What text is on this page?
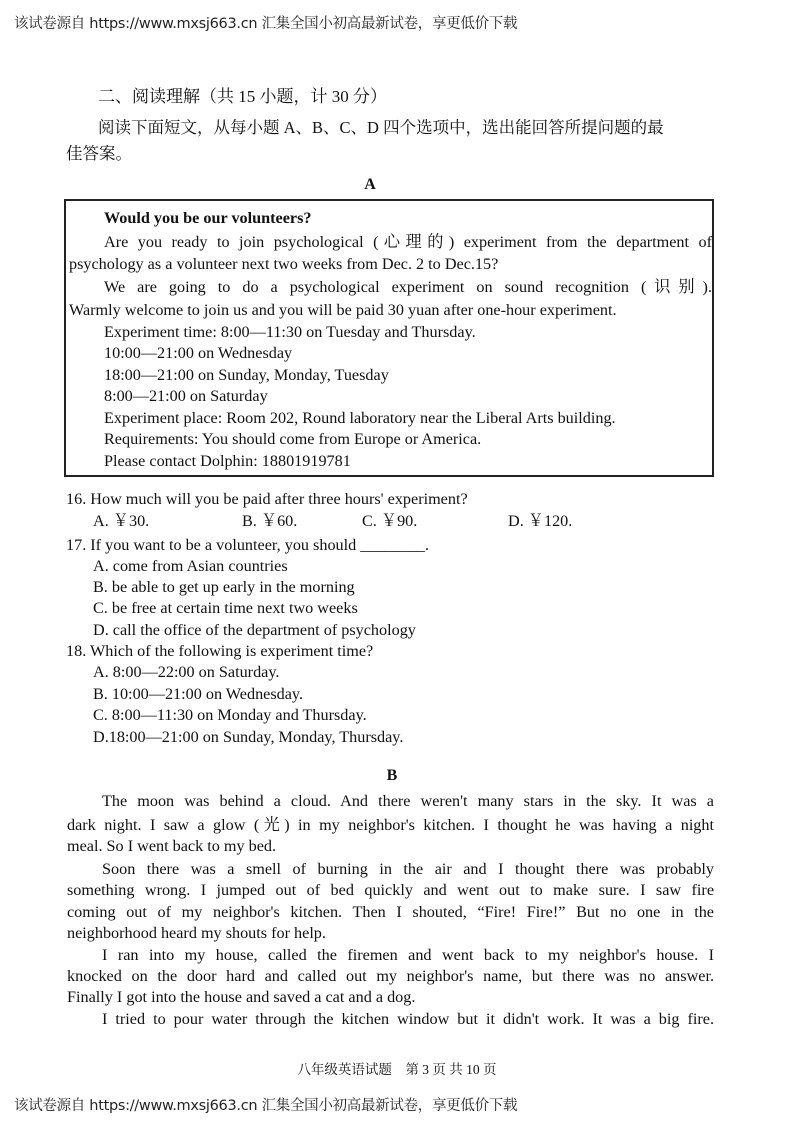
该试卷源自 https://www.mxsj663.cn 汇集全国小初高最新试卷，享更低价下载
二、阅读理解（共 15 小题，计 30 分）
阅读下面短文，从每小题 A、B、C、D 四个选项中，选出能回答所提问题的最
佳答案。
A
Would you be our volunteers?
Are you ready to join psychological (心理的) experiment from the department of
psychology as a volunteer next two weeks from Dec. 2 to Dec.15?
We are going to do a psychological experiment on sound recognition (识别).
Warmly welcome to join us and you will be paid 30 yuan after one-hour experiment.
Experiment time: 8:00—11:30 on Tuesday and Thursday.
10:00—21:00 on Wednesday
18:00—21:00 on Sunday, Monday, Tuesday
8:00—21:00 on Saturday
Experiment place: Room 202, Round laboratory near the Liberal Arts building.
Requirements: You should come from Europe or America.
Please contact Dolphin: 18801919781
16. How much will you be paid after three hours' experiment?
A. ￥30.	B. ￥60.	C. ￥90.	D. ￥120.
17. If you want to be a volunteer, you should ________.
A. come from Asian countries
B. be able to get up early in the morning
C. be free at certain time next two weeks
D. call the office of the department of psychology
18. Which of the following is experiment time?
A. 8:00—22:00 on Saturday.
B. 10:00—21:00 on Wednesday.
C. 8:00—11:30 on Monday and Thursday.
D.18:00—21:00 on Sunday, Monday, Thursday.
B
The moon was behind a cloud. And there weren't many stars in the sky. It was a
dark night. I saw a glow (光) in my neighbor's kitchen. I thought he was having a night
meal. So I went back to my bed.
Soon there was a smell of burning in the air and I thought there was probably
something wrong. I jumped out of bed quickly and went out to make sure. I saw fire
coming out of my neighbor's kitchen. Then I shouted, “Fire! Fire!” But no one in the
neighborhood heard my shouts for help.
I ran into my house, called the firemen and went back to my neighbor's house. I
knocked on the door hard and called out my neighbor's name, but there was no answer.
Finally I got into the house and saved a cat and a dog.
I tried to pour water through the kitchen window but it didn't work. It was a big fire.
八年级英语试题　第 3 页 共 10 页
该试卷源自 https://www.mxsj663.cn 汇集全国小初高最新试卷，享更低价下载
